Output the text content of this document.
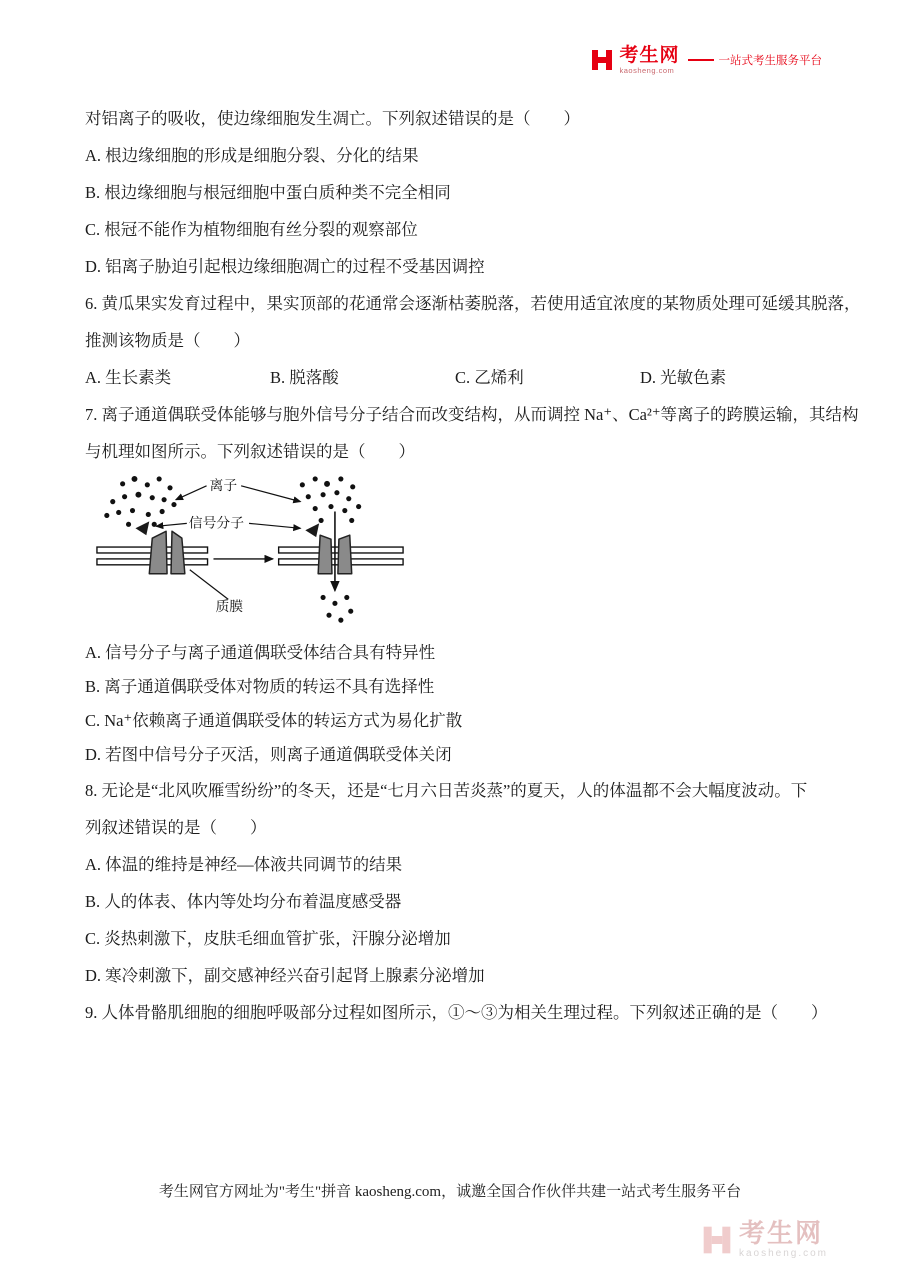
考生网
kaosheng.com
一站式考生服务平台
对铝离子的吸收，使边缘细胞发生凋亡。下列叙述错误的是（　　）
A. 根边缘细胞的形成是细胞分裂、分化的结果
B. 根边缘细胞与根冠细胞中蛋白质种类不完全相同
C. 根冠不能作为植物细胞有丝分裂的观察部位
D. 铝离子胁迫引起根边缘细胞凋亡的过程不受基因调控
6. 黄瓜果实发育过程中，果实顶部的花通常会逐渐枯萎脱落，若使用适宜浓度的某物质处理可延缓其脱落，
推测该物质是（　　）
A. 生长素类	B. 脱落酸	C. 乙烯利	D. 光敏色素
7. 离子通道偶联受体能够与胞外信号分子结合而改变结构，从而调控 Na⁺、Ca²⁺等离子的跨膜运输，其结构
与机理如图所示。下列叙述错误的是（　　）
离子
信号分子
质膜
A. 信号分子与离子通道偶联受体结合具有特异性
B. 离子通道偶联受体对物质的转运不具有选择性
C. Na⁺依赖离子通道偶联受体的转运方式为易化扩散
D. 若图中信号分子灭活，则离子通道偶联受体关闭
8. 无论是“北风吹雁雪纷纷”的冬天，还是“七月六日苦炎蒸”的夏天，人的体温都不会大幅度波动。下
列叙述错误的是（　　）
A. 体温的维持是神经—体液共同调节的结果
B. 人的体表、体内等处均分布着温度感受器
C. 炎热刺激下，皮肤毛细血管扩张，汗腺分泌增加
D. 寒冷刺激下，副交感神经兴奋引起肾上腺素分泌增加
9. 人体骨骼肌细胞的细胞呼吸部分过程如图所示，①～③为相关生理过程。下列叙述正确的是（　　）
考生网官方网址为"考生"拼音 kaosheng.com，诚邀全国合作伙伴共建一站式考生服务平台
考生网
kaosheng.com
